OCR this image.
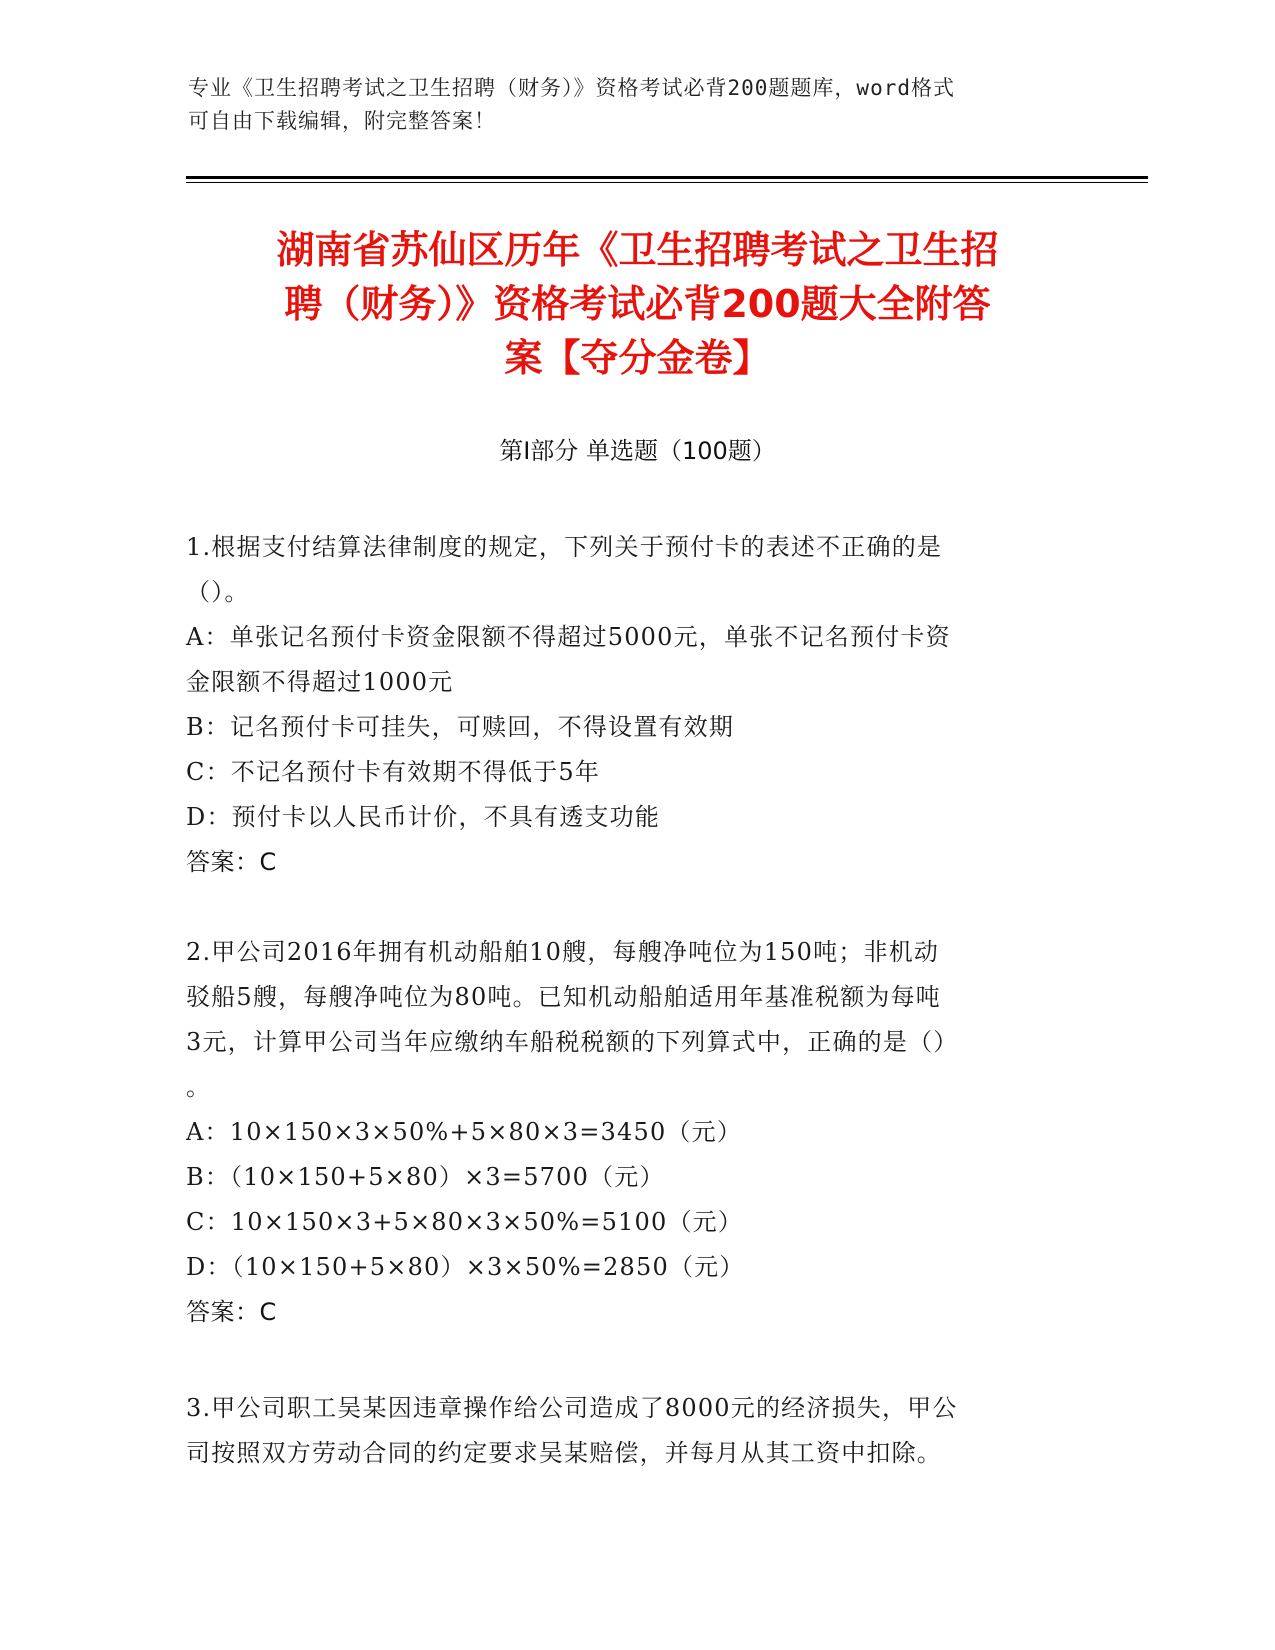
专业《卫生招聘考试之卫生招聘（财务）》资格考试必背200题题库，word格式
可自由下载编辑，附完整答案！
湖南省苏仙区历年《卫生招聘考试之卫生招
聘（财务）》资格考试必背200题大全附答
案【夺分金卷】
第Ⅰ部分 单选题（100题）
1.根据支付结算法律制度的规定，下列关于预付卡的表述不正确的是
（）。
A：单张记名预付卡资金限额不得超过5000元，单张不记名预付卡资
金限额不得超过1000元
B：记名预付卡可挂失，可赎回，不得设置有效期
C：不记名预付卡有效期不得低于5年
D：预付卡以人民币计价，不具有透支功能
答案：C
2.甲公司2016年拥有机动船舶10艘，每艘净吨位为150吨；非机动
驳船5艘，每艘净吨位为80吨。已知机动船舶适用年基准税额为每吨
3元，计算甲公司当年应缴纳车船税税额的下列算式中，正确的是（）
。
A：10×150×3×50%+5×80×3=3450（元）
B：（10×150+5×80）×3=5700（元）
C：10×150×3+5×80×3×50%=5100（元）
D：（10×150+5×80）×3×50%=2850（元）
答案：C
3.甲公司职工吴某因违章操作给公司造成了8000元的经济损失，甲公
司按照双方劳动合同的约定要求吴某赔偿，并每月从其工资中扣除。
